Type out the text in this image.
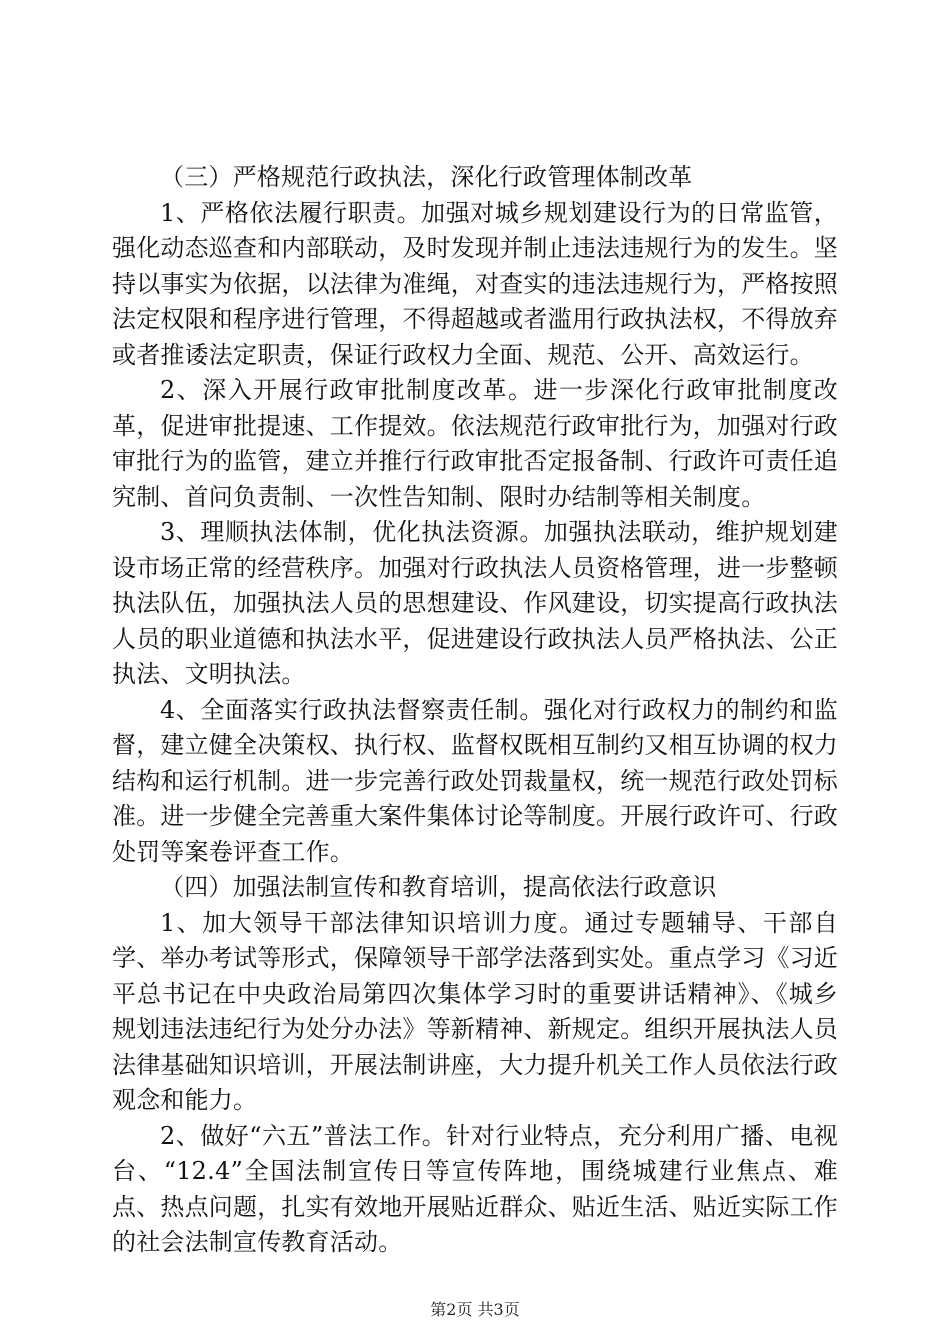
（三）严格规范行政执法，深化行政管理体制改革

1、严格依法履行职责。加强对城乡规划建设行为的日常监管，强化动态巡查和内部联动，及时发现并制止违法违规行为的发生。坚持以事实为依据，以法律为准绳，对查实的违法违规行为，严格按照法定权限和程序进行管理，不得超越或者滥用行政执法权，不得放弃或者推诿法定职责，保证行政权力全面、规范、公开、高效运行。

2、深入开展行政审批制度改革。进一步深化行政审批制度改革，促进审批提速、工作提效。依法规范行政审批行为，加强对行政审批行为的监管，建立并推行行政审批否定报备制、行政许可责任追究制、首问负责制、一次性告知制、限时办结制等相关制度。

3、理顺执法体制，优化执法资源。加强执法联动，维护规划建设市场正常的经营秩序。加强对行政执法人员资格管理，进一步整顿执法队伍，加强执法人员的思想建设、作风建设，切实提高行政执法人员的职业道德和执法水平，促进建设行政执法人员严格执法、公正执法、文明执法。

4、全面落实行政执法督察责任制。强化对行政权力的制约和监督，建立健全决策权、执行权、监督权既相互制约又相互协调的权力结构和运行机制。进一步完善行政处罚裁量权，统一规范行政处罚标准。进一步健全完善重大案件集体讨论等制度。开展行政许可、行政处罚等案卷评查工作。

（四）加强法制宣传和教育培训，提高依法行政意识

1、加大领导干部法律知识培训力度。通过专题辅导、干部自学、举办考试等形式，保障领导干部学法落到实处。重点学习《习近平总书记在中央政治局第四次集体学习时的重要讲话精神》、《城乡规划违法违纪行为处分办法》等新精神、新规定。组织开展执法人员法律基础知识培训，开展法制讲座，大力提升机关工作人员依法行政观念和能力。

2、做好“六五”普法工作。针对行业特点，充分利用广播、电视台、“12.4”全国法制宣传日等宣传阵地，围绕城建行业焦点、难点、热点问题，扎实有效地开展贴近群众、贴近生活、贴近实际工作的社会法制宣传教育活动。

第2页 共3页
